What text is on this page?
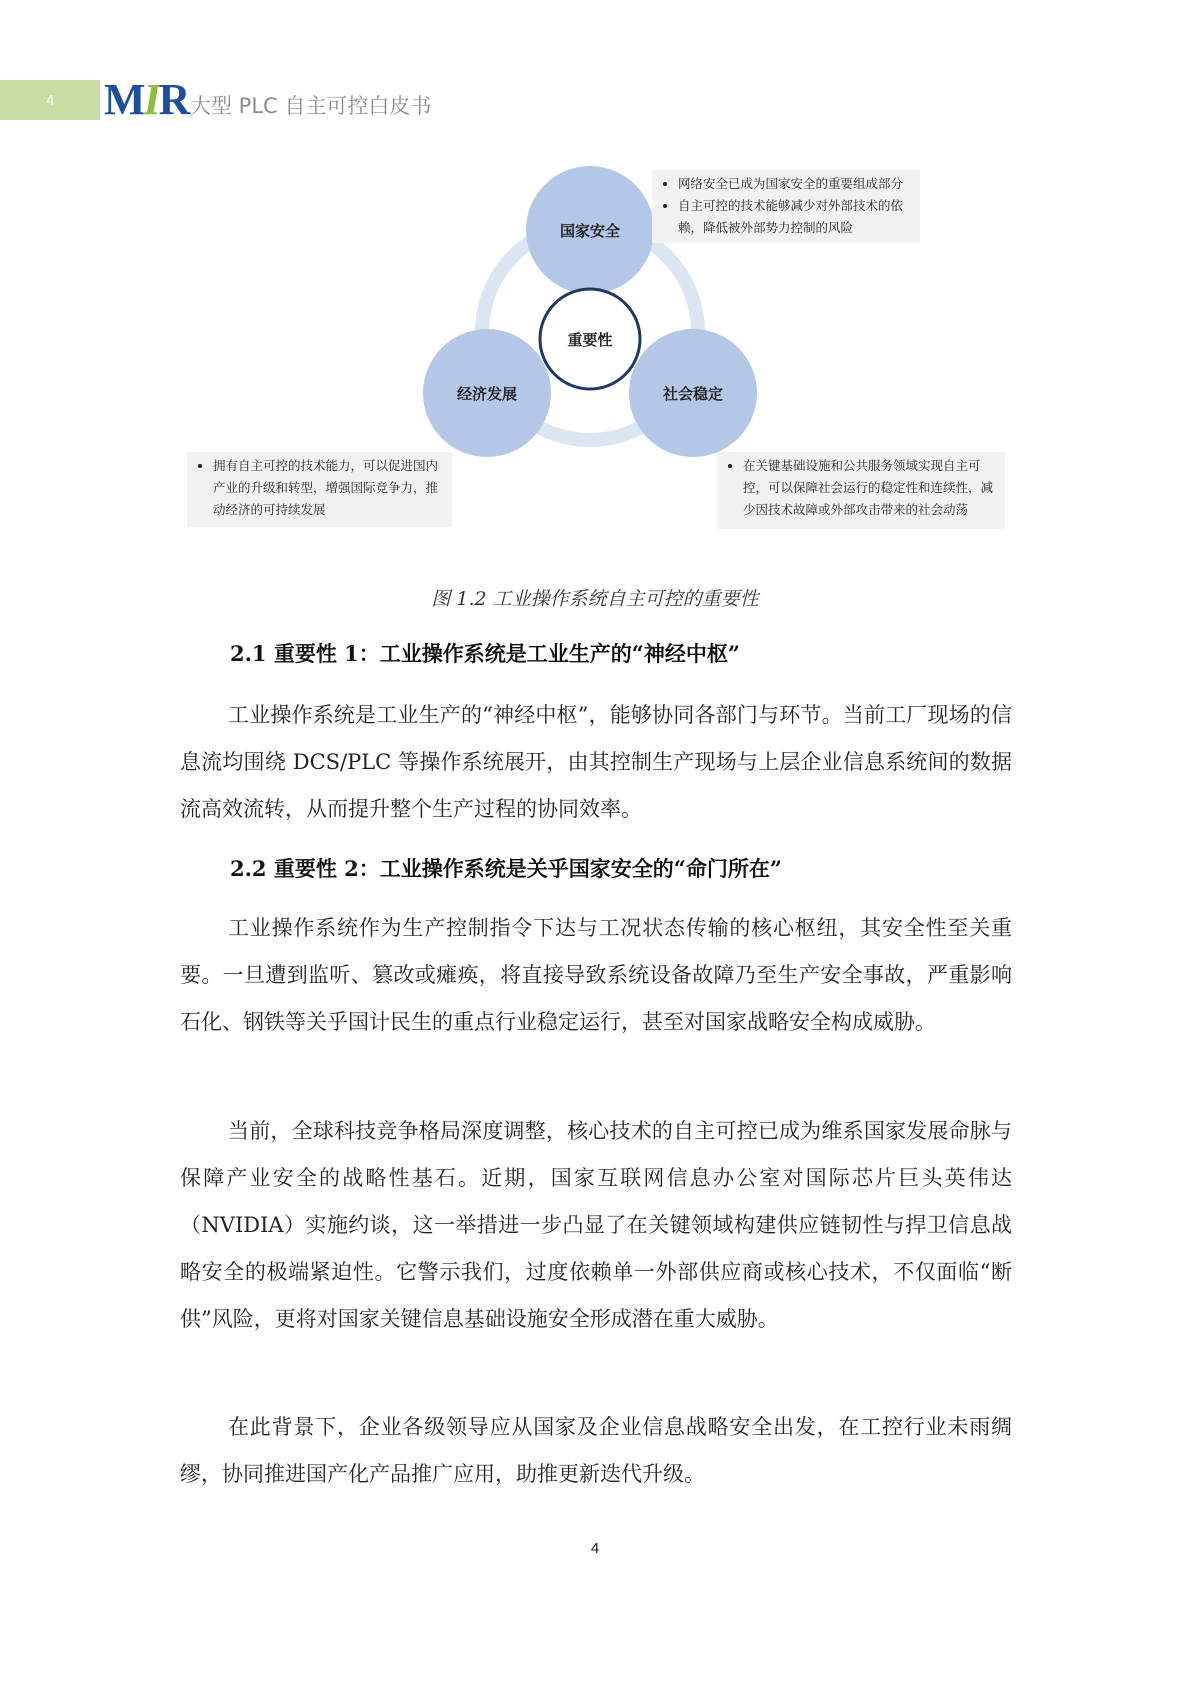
4	MIR 大型 PLC 自主可控白皮书
国家安全
经济发展	社会稳定
重要性
• 网络安全已成为国家安全的重要组成部分
• 自主可控的技术能够减少对外部技术的依赖，降低被外部势力控制的风险
• 拥有自主可控的技术能力，可以促进国内产业的升级和转型，增强国际竞争力，推动经济的可持续发展
• 在关键基础设施和公共服务领域实现自主可控，可以保障社会运行的稳定性和连续性，减少因技术故障或外部攻击带来的社会动荡
图 1.2 工业操作系统自主可控的重要性
2.1 重要性 1：工业操作系统是工业生产的“神经中枢”
工业操作系统是工业生产的“神经中枢”，能够协同各部门与环节。当前工厂现场的信息流均围绕 DCS/PLC 等操作系统展开，由其控制生产现场与上层企业信息系统间的数据流高效流转，从而提升整个生产过程的协同效率。
2.2 重要性 2：工业操作系统是关乎国家安全的“命门所在”
工业操作系统作为生产控制指令下达与工况状态传输的核心枢纽，其安全性至关重要。一旦遭到监听、篡改或瘫痪，将直接导致系统设备故障乃至生产安全事故，严重影响石化、钢铁等关乎国计民生的重点行业稳定运行，甚至对国家战略安全构成威胁。
当前，全球科技竞争格局深度调整，核心技术的自主可控已成为维系国家发展命脉与保障产业安全的战略性基石。近期，国家互联网信息办公室对国际芯片巨头英伟达（NVIDIA）实施约谈，这一举措进一步凸显了在关键领域构建供应链韧性与捍卫信息战略安全的极端紧迫性。它警示我们，过度依赖单一外部供应商或核心技术，不仅面临“断供”风险，更将对国家关键信息基础设施安全形成潜在重大威胁。
在此背景下，企业各级领导应从国家及企业信息战略安全出发，在工控行业未雨绸缪，协同推进国产化产品推广应用，助推更新迭代升级。
4
